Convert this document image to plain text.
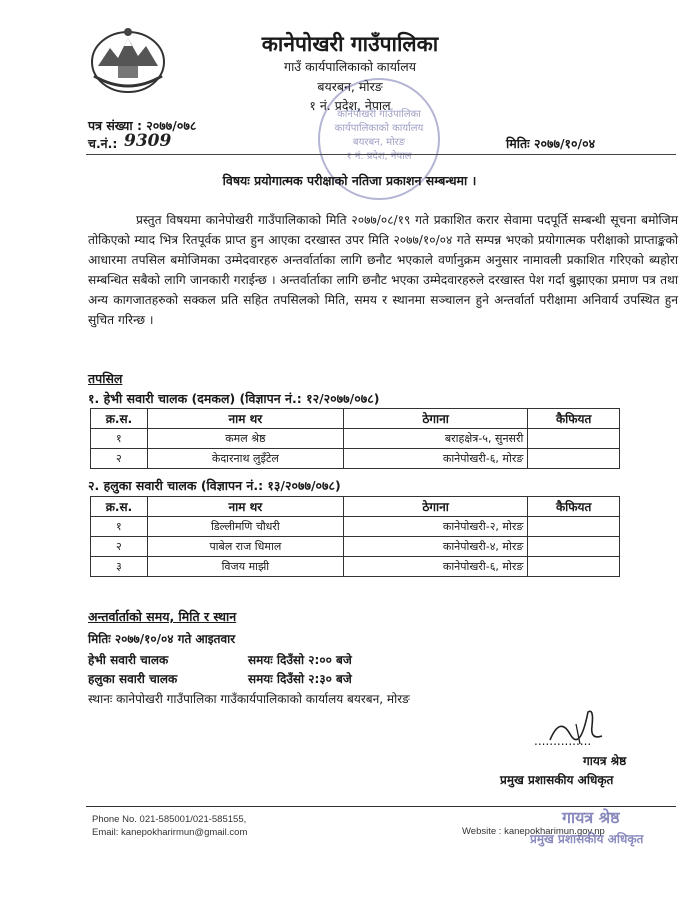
कानेपोखरी गाउँपालिका
गाउँ कार्यपालिकाको कार्यालय
बयरबन, मोरङ
१ नं. प्रदेश, नेपाल
कानेपोखरी गाउँपालिका
कार्यपालिकाको कार्यालय
बयरबन, मोरङ
१ नं. प्रदेश, नेपाल
पत्र संख्या : २०७७/०७८
च.नं.: 9309	मितिः २०७७/१०/०४
विषयः प्रयोगात्मक परीक्षाको नतिजा प्रकाशन सम्बन्धमा ।
प्रस्तुत विषयमा कानेपोखरी गाउँपालिकाको मिति २०७७/०८/१९ गते प्रकाशित करार सेवामा पदपूर्ति सम्बन्धी सूचना बमोजिम तोकिएको म्याद भित्र रितपूर्वक प्राप्त हुन आएका दरखास्त उपर मिति २०७७/१०/०४ गते सम्पन्न भएको प्रयोगात्मक परीक्षाको प्राप्ताङ्कको आधारमा तपसिल बमोजिमका उम्मेदवारहरु अन्तर्वार्ताका लागि छनौट भएकाले वर्णानुक्रम अनुसार नामावली प्रकाशित गरिएको ब्यहोरा सम्बन्धित सबैको लागि जानकारी गराईन्छ । अन्तर्वार्ताका लागि छनौट भएका उम्मेदवारहरुले दरखास्त पेश गर्दा बुझाएका प्रमाण पत्र तथा अन्य कागजातहरुको सक्कल प्रति सहित तपसिलको मिति, समय र स्थानमा सञ्चालन हुने अन्तर्वार्ता परीक्षामा अनिवार्य उपस्थित हुन सुचित गरिन्छ ।
तपसिल
१. हेभी सवारी चालक (दमकल) (विज्ञापन नं.: १२/२०७७/०७८)
क्र.स.	नाम थर	ठेगाना	कैफियत
१	कमल श्रेष्ठ	बराहक्षेत्र-५, सुनसरी	
२	केदारनाथ लुइँटेल	कानेपोखरी-६, मोरङ	
२. हलुका सवारी चालक (विज्ञापन नं.: १३/२०७७/०७८)
क्र.स.	नाम थर	ठेगाना	कैफियत
१	डिल्लीमणि चौधरी	कानेपोखरी-२, मोरङ	
२	पाबेल राज धिमाल	कानेपोखरी-४, मोरङ	
३	विजय माझी	कानेपोखरी-६, मोरङ	
अन्तर्वार्ताको समय, मिति र स्थान
मितिः २०७७/१०/०४ गते आइतवार
हेभी सवारी चालक	समयः दिउँसो २:०० बजे
हलुका सवारी चालक	समयः दिउँसो २:३० बजे
स्थानः कानेपोखरी गाउँपालिका गाउँकार्यपालिकाको कार्यालय बयरबन, मोरङ
...............
गायत्र श्रेष्ठ
प्रमुख प्रशासकीय अधिकृत
Phone No. 021-585001/021-585155,
Email: kanepokharirmun@gmail.com	Website : kanepokharimun.gov.np
गायत्र श्रेष्ठ
प्रमुख प्रशासकीय अधिकृत
